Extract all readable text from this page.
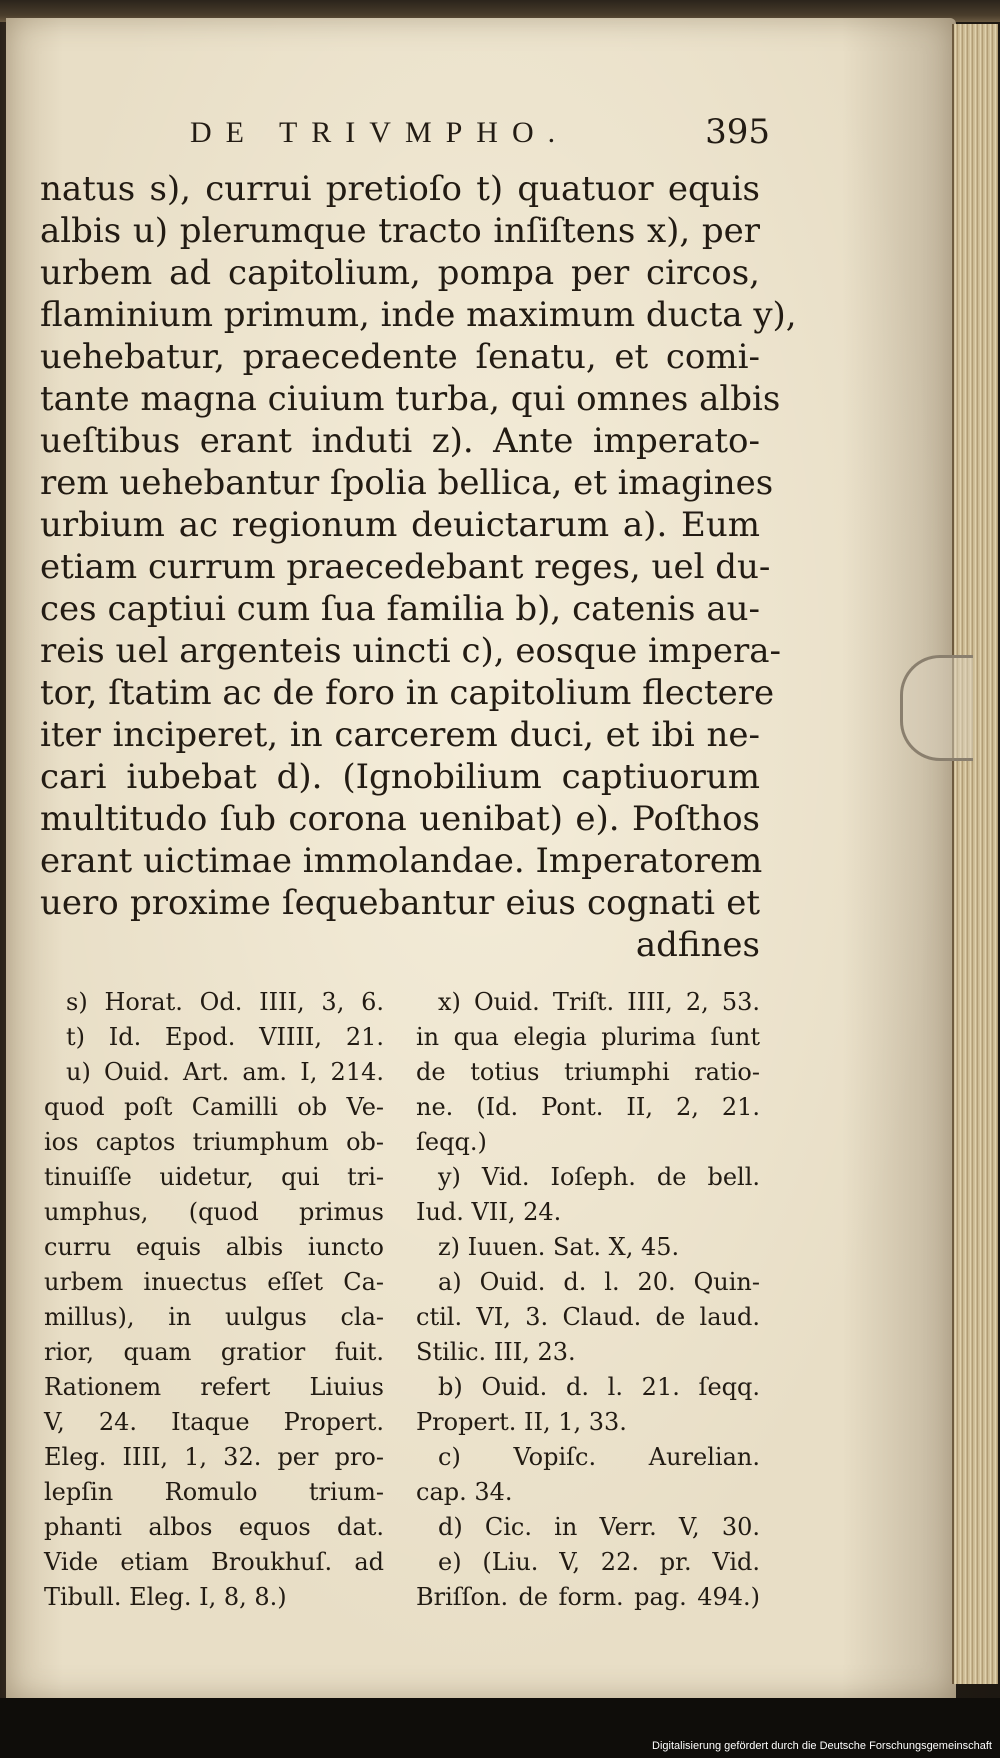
DE TRIVMPHO.	395
natus s), currui pretioſo t) quatuor equis
albis u) plerumque tracto inſiſtens x), per
urbem ad capitolium, pompa per circos,
flaminium primum, inde maximum ducta y),
uehebatur, praecedente ſenatu, et comi-
tante magna ciuium turba, qui omnes albis
ueſtibus erant induti z). Ante imperato-
rem uehebantur ſpolia bellica, et imagines
urbium ac regionum deuictarum a). Eum
etiam currum praecedebant reges, uel du-
ces captiui cum ſua familia b), catenis au-
reis uel argenteis uincti c), eosque impera-
tor, ſtatim ac de foro in capitolium flectere
iter inciperet, in carcerem duci, et ibi ne-
cari iubebat d). (Ignobilium captiuorum
multitudo ſub corona uenibat) e). Poſthos
erant uictimae immolandae. Imperatorem
uero proxime ſequebantur eius cognati et
adfines
s) Horat. Od. IIII, 3, 6.
t) Id. Epod. VIIII, 21.
u) Ouid. Art. am. I, 214.
quod poſt Camilli ob Ve-
ios captos triumphum ob-
tinuiſſe uidetur, qui tri-
umphus, (quod primus
curru equis albis iuncto
urbem inuectus eſſet Ca-
millus), in uulgus cla-
rior, quam gratior fuit.
Rationem refert Liuius
V, 24. Itaque Propert.
Eleg. IIII, 1, 32. per pro-
lepſin Romulo trium-
phanti albos equos dat.
Vide etiam Broukhuſ. ad
Tibull. Eleg. I, 8, 8.)
x) Ouid. Triſt. IIII, 2, 53.
in qua elegia plurima ſunt
de totius triumphi ratio-
ne. (Id. Pont. II, 2, 21.
ſeqq.)
y) Vid. Ioſeph. de bell.
Iud. VII, 24.
z) Iuuen. Sat. X, 45.
a) Ouid. d. l. 20. Quin-
ctil. VI, 3. Claud. de laud.
Stilic. III, 23.
b) Ouid. d. l. 21. ſeqq.
Propert. II, 1, 33.
c) Vopiſc. Aurelian.
cap. 34.
d) Cic. in Verr. V, 30.
e) (Liu. V, 22. pr. Vid.
Briſſon. de form. pag. 494.)
Digitalisierung gefördert durch die Deutsche Forschungsgemeinschaft
